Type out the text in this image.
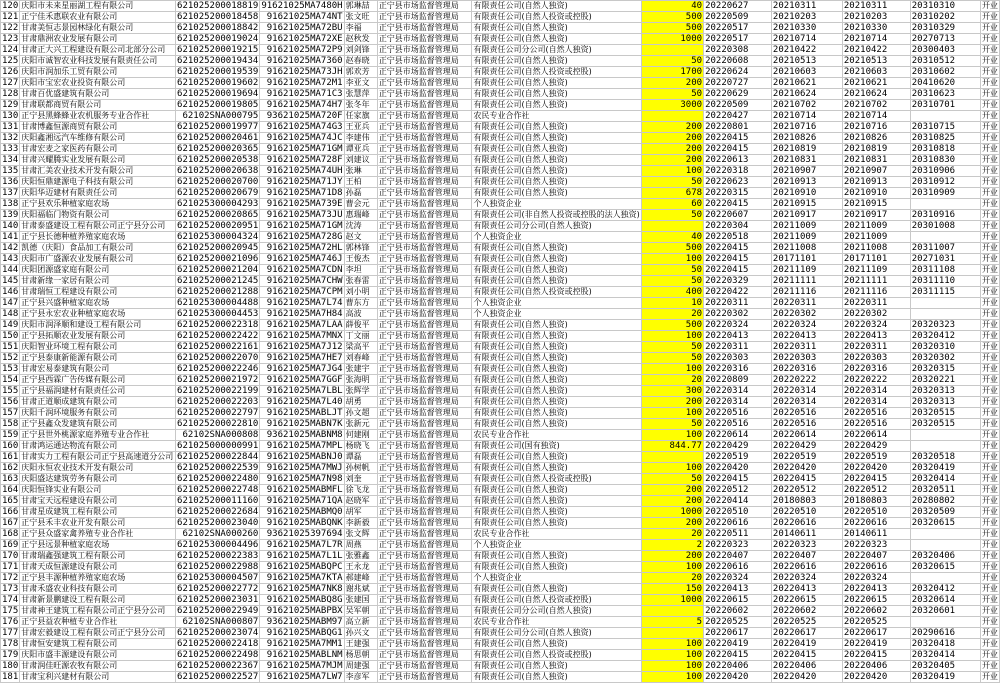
120	庆阳市未来星丽湖工程有限公司	621025200018819	91621025MA7480H	郭琳喆	正宁县市场监督管理局	有限责任公司(自然人独资)	40	20220627	20210311	20210311	20310310	开业
121	正宁佳禾惠联农业有限公司	621025200018458	91621025MA74NT	张文旺	正宁县市场监督管理局	有限责任公司(自然人投资或控股)	500	20220509	20210203	20210203	20310202	开业
122	甘肃美恒志景园林绿化有限公司	621025200018842	91621025MA72BU	李福	正宁县市场监督管理局	有限责任公司(自然人独资)	500	20220517	20210330	20210330	20310329	开业
123	甘肃鼎洲农业发展有限公司	621025200019024	91621025MA72XE	赵秋发	正宁县市场监督管理局	有限责任公司(自然人独资)	1000	20220517	20210714	20210714	20270713	开业
124	甘肃正大兴工程建设有限公司北部分公司	621025200019215	91621025MA72P9	刘剑锋	正宁县市场监督管理局	有限责任公司分公司(自然人独资)		20220308	20210422	20210422	20300403	开业
125	庆阳市诚智农业科技发展有限责任公司	621025200019434	91621025MA7360	赵春晓	正宁县市场监督管理局	有限责任公司(自然人独资)	50	20220608	20210513	20210513	20310512	开业
126	庆阳市润加乐工贸有限公司	621025200019539	91621025MA73JH	郭欢芳	正宁县市场监督管理局	有限责任公司(自然人投资或控股)	1700	20220624	20210603	20210603	20310602	开业
127	庆阳市宝宏农业投资有限公司	621025200019602	91621025MA72M1	李亚文	正宁县市场监督管理局	有限责任公司(自然人独资)	200	20220727	20210621	20210621	20410620	开业
128	甘肃百优盛建筑有限公司	621025200019694	91621025MA71C3	张慧萍	正宁县市场监督管理局	有限责任公司(自然人独资)	50	20220629	20210624	20210624	20310623	开业
129	甘肃联都商贸有限公司	621025200019805	91621025MA74H7	张冬年	正宁县市场监督管理局	有限责任公司(自然人独资)	3000	20220509	20210702	20210702	20310701	开业
130	正宁县黑蜂蜂业农机服务专业合作社	62102SNA000795	93621025MA720F	任家旗	正宁县市场监督管理局	农民专业合作社		20220427	20210714	20210714		开业
131	甘肃博鑫恒源商贸有限公司	621025200019977	91621025MA74G3	王亚兵	正宁县市场监督管理局	有限责任公司(自然人独资)	200	20220801	20210716	20210716	20310715	开业
132	庆阳鑫湘远汽车维修有限公司	621025200020461	91621025MA74JC	李建伟	正宁县市场监督管理局	有限责任公司(自然人独资)	200	20220415	20210826	20210826	20310825	开业
133	甘肃宏麦之家医药有限公司	621025200020365	91621025MA71GM	谭亚兵	正宁县市场监督管理局	有限责任公司(自然人独资)	200	20220415	20210819	20210819	20310818	开业
134	甘肃兴耀腾实业发展有限公司	621025200020538	91621025MA728F	刘建议	正宁县市场监督管理局	有限责任公司(自然人独资)	200	20220613	20210831	20210831	20310830	开业
135	甘肃汇美农业技术开发有限公司	621025200020638	91621025MA74UH	张琳	正宁县市场监督管理局	有限责任公司(自然人独资)	100	20220318	20210907	20210907	20310906	开业
136	庆阳恒鼎建源电子科技有限公司	621025200020700	91621025MA71JY	王柏	正宁县市场监督管理局	有限责任公司(自然人独资)	50	20220623	20210913	20210913	20310912	开业
137	庆阳华迈建材有限责任公司	621025200020679	91621025MA71D8	孙磊	正宁县市场监督管理局	有限责任公司(自然人独资)	678	20220315	20210910	20210910	20310909	开业
138	正宁县欢乐种植家庭农场	621025300004293	91621025MA739E	曹会元	正宁县市场监督管理局	个人独资企业	60	20220415	20210915	20210915		开业
139	庆阳福临门物资有限公司	621025200020865	91621025MA73JU	惠瑞峰	正宁县市场监督管理局	有限责任公司(非自然人投资或控股的法人独资)	50	20220607	20210917	20210917	20310916	开业
140	甘肃泰盛建设工程有限公司正宁县分公司	621025200020951	91621025MA71GM	沈涛	正宁县市场监督管理局	有限责任公司分公司(自然人独资)		20220304	20211009	20211009	20301008	开业
141	正宁县长德种植养殖家庭农场	621025300004324	91621025MA728G	赵文	正宁县市场监督管理局	个人独资企业	40	20220518	20211009	20211009		开业
142	凯德（庆阳）食品加工有限公司	621025200020945	91621025MA72HL	郭林锋	正宁县市场监督管理局	有限责任公司(自然人独资)	500	20220415	20211008	20211008	20311007	开业
143	庆阳市广盛源农业发展有限公司	621025200021096	91621025MA746J	王俊杰	正宁县市场监督管理局	有限责任公司(自然人独资)	100	20220415	20171101	20171101	20271031	开业
144	庆阳团源盛家庭有限公司	621025200021204	91621025MA7CDN	李坦	正宁县市场监督管理局	有限责任公司(自然人独资)	50	20220415	20211109	20211109	20311108	开业
145	甘肃新缘一家居有限公司	621025200021245	91621025MA7CHW	张春雷	正宁县市场监督管理局	有限责任公司(自然人独资)	50	20220329	20211111	20211111	20311110	开业
146	甘肃瑞恒工程建设有限公司	621025200021288	91621025MA7CPM	刘小明	正宁县市场监督管理局	有限责任公司(自然人投资或控股)	400	20220422	20211116	20211116	20311115	开业
147	正宁县兴盛种植家庭农场	621025300004488	91621025MA7L74	曹东方	正宁县市场监督管理局	个人独资企业	10	20220311	20220311	20220311		开业
148	正宁县永宏农业种植家庭农场	621025300004453	91621025MA7H84	高波	正宁县市场监督管理局	个人独资企业	20	20220302	20220302	20220302		开业
149	庆阳市润泽顺和建设工程有限公司	621025200022318	91621025MA7LAA	薛俊平	正宁县市场监督管理局	有限责任公司(自然人独资)	500	20220324	20220324	20220324	20320323	开业
150	正宁县拓顺农业发展有限公司	621025200022422	91621025MA7MNX	丁文丽	正宁县市场监督管理局	有限责任公司(自然人独资)	100	20220413	20220413	20220413	20320412	开业
151	庆阳智业环境工程有限公司	621025200022161	91621025MA7J12	梁高平	正宁县市场监督管理局	有限责任公司(自然人独资)	50	20220311	20220311	20220311	20320310	开业
152	正宁县泰康新能源有限公司	621025200022070	91621025MA7HE7	刘春峰	正宁县市场监督管理局	有限责任公司(自然人独资)	50	20220303	20220303	20220303	20320302	开业
153	甘肃宏易泰建筑有限公司	621025200022246	91621025MA7JG4	张建宇	正宁县市场监督管理局	有限责任公司(自然人独资)	100	20220316	20220316	20220316	20320315	开业
154	正宁县西霖广告传媒有限公司	621025200021972	91621025MA7GGF	张海明	正宁县市场监督管理局	有限责任公司(自然人独资)	20	20220809	20220222	20220222	20320221	开业
155	正宁县福润建材有限责任公司	621025200022199	91621025MA7LBL	张辉学	正宁县市场监督管理局	有限责任公司(自然人独资)	300	20220314	20220314	20220314	20320313	开业
156	甘肃正道顺成建筑有限公司	621025200022203	91621025MA7L40	胡勇	正宁县市场监督管理局	有限责任公司(自然人独资)	200	20220314	20220314	20220314	20320313	开业
157	庆阳千润环境服务有限公司	621025200022797	91621025MABLJT	孙文超	正宁县市场监督管理局	有限责任公司(自然人独资)	100	20220516	20220516	20220516	20320515	开业
158	正宁县鑫众发建筑有限公司	621025200022810	91621025MABN7K	张新元	正宁县市场监督管理局	有限责任公司(自然人独资)	50	20220516	20220516	20220516	20320515	开业
159	正宁县世外桃源家庭养殖专业合作社	62102SNA000808	93621025MABNM8	何建刚	正宁县市场监督管理局	农民专业合作社	100	20220614	20220614	20220614		开业
160	甘肃鸿运通达物流有限公司	621025000000991	91621025MA7MPL	杨晓飞	正宁县市场监督管理局	有限责任公司(国有独资)	844.77	20220429	20220429	20220429		开业
161	甘肃实力工程有限公司正宁县高速道分公司	621025200022844	91621025MABNJ0	谭磊	正宁县市场监督管理局	有限责任公司(自然人独资)		20220519	20220519	20220519	20320518	开业
162	庆阳永恒农业技术开发有限公司	621025200022539	91621025MA7MWJ	孙树帆	正宁县市场监督管理局	有限责任公司(自然人独资)	100	20220420	20220420	20220420	20320419	开业
163	庆阳盛达建筑劳务有限公司	621025200022480	91621025MA7N98	刘奎	正宁县市场监督管理局	有限责任公司(自然人投资或控股)	50	20220415	20220415	20220415	20320414	开业
164	庆阳恒锋实业有限公司	621025200022748	91621025MABMFL	徐飞龙	正宁县市场监督管理局	有限责任公司(自然人独资)	200	20220512	20220512	20220512	20320511	开业
165	甘肃宝天远程建设有限公司	621025200011160	91621025MA71QA	赵晓军	正宁县市场监督管理局	有限责任公司(自然人独资)	200	20220414	20180803	20180803	20280802	开业
166	甘肃星成建筑工程有限公司	621025200022684	91621025MABMQ0	胡军	正宁县市场监督管理局	有限责任公司(自然人独资)	1000	20220510	20220510	20220510	20320509	开业
167	正宁县禾丰农业开发有限公司	621025200023040	91621025MABQNK	李新毅	正宁县市场监督管理局	有限责任公司(自然人独资)	200	20220616	20220616	20220616	20320615	开业
168	正宁县众盛家禽养殖专业合作社	62102SNA000260	93621025397694	张文辉	正宁县市场监督管理局	农民专业合作社	20	20220511	20140611	20140611		开业
169	正宁县远景种植家庭农场	621025300004496	91621025MA7L7R	周燕	正宁县市场监督管理局	个人独资企业	2	20220323	20220323	20220323		开业
170	甘肃瑞鑫强建筑工程有限公司	621025200022383	91621025MA7L1L	张雅鑫	正宁县市场监督管理局	有限责任公司(自然人独资)	200	20220407	20220407	20220407	20320406	开业
171	甘肃天成恒源建设有限公司	621025200022988	91621025MABQPC	王永龙	正宁县市场监督管理局	有限责任公司(自然人独资)	100	20220616	20220616	20220616	20320615	开业
172	正宁县丰源种植养殖家庭农场	621025300004507	91621025MA7KTA	郝建峰	正宁县市场监督管理局	个人独资企业	20	20220324	20220324	20220324		开业
173	甘肃禾盛农业科技有限公司	621025200022772	91621025MA7NK8	谢兆斌	正宁县市场监督管理局	有限责任公司(自然人独资)	150	20220413	20220413	20220413	20320412	开业
174	甘肃新景鹏建设工程有限公司	621025200023031	91621025MABQ8G	张建国	正宁县市场监督管理局	有限责任公司(自然人投资或控股)	1000	20220615	20220615	20220615	20320614	开业
175	甘肃神王建筑工程有限公司正宁县分公司	621025200022949	91621025MABPBX	吴军朝	正宁县市场监督管理局	有限责任公司分公司(自然人独资)		20220602	20220602	20220602	20320601	开业
176	正宁县益农种植专业合作社	62102SNA000807	93621025MABM97	高立新	正宁县市场监督管理局	农民专业合作社	5	20220525	20220525	20220525		开业
177	甘肃宏毅建设工程有限公司正宁县分公司	621025200023074	91621025MABQG1	孙兴文	正宁县市场监督管理局	有限责任公司分公司(自然人独资)		20220617	20220617	20220617	20290616	开业
178	甘肃恒安建筑工程有限公司	621025200022418	91621025MA7MM1	王建强	正宁县市场监督管理局	有限责任公司(自然人独资)	100	20220419	20220419	20220419	20320418	开业
179	庆阳市盛丰源建设有限公司	621025200022498	91621025MABLNM	杨思朝	正宁县市场监督管理局	有限责任公司(自然人投资或控股)	100	20220415	20220415	20220415	20320414	开业
180	甘肃润佳旺源农牧有限公司	621025200022367	91621025MA7MJM	周建强	正宁县市场监督管理局	有限责任公司(自然人独资)	100	20220406	20220406	20220406	20320405	开业
181	甘肃宝利兴建材有限公司	621025200022527	91621025MA7LW7	李彦军	正宁县市场监督管理局	有限责任公司(自然人独资)	100	20220420	20220420	20220420	20320419	开业
